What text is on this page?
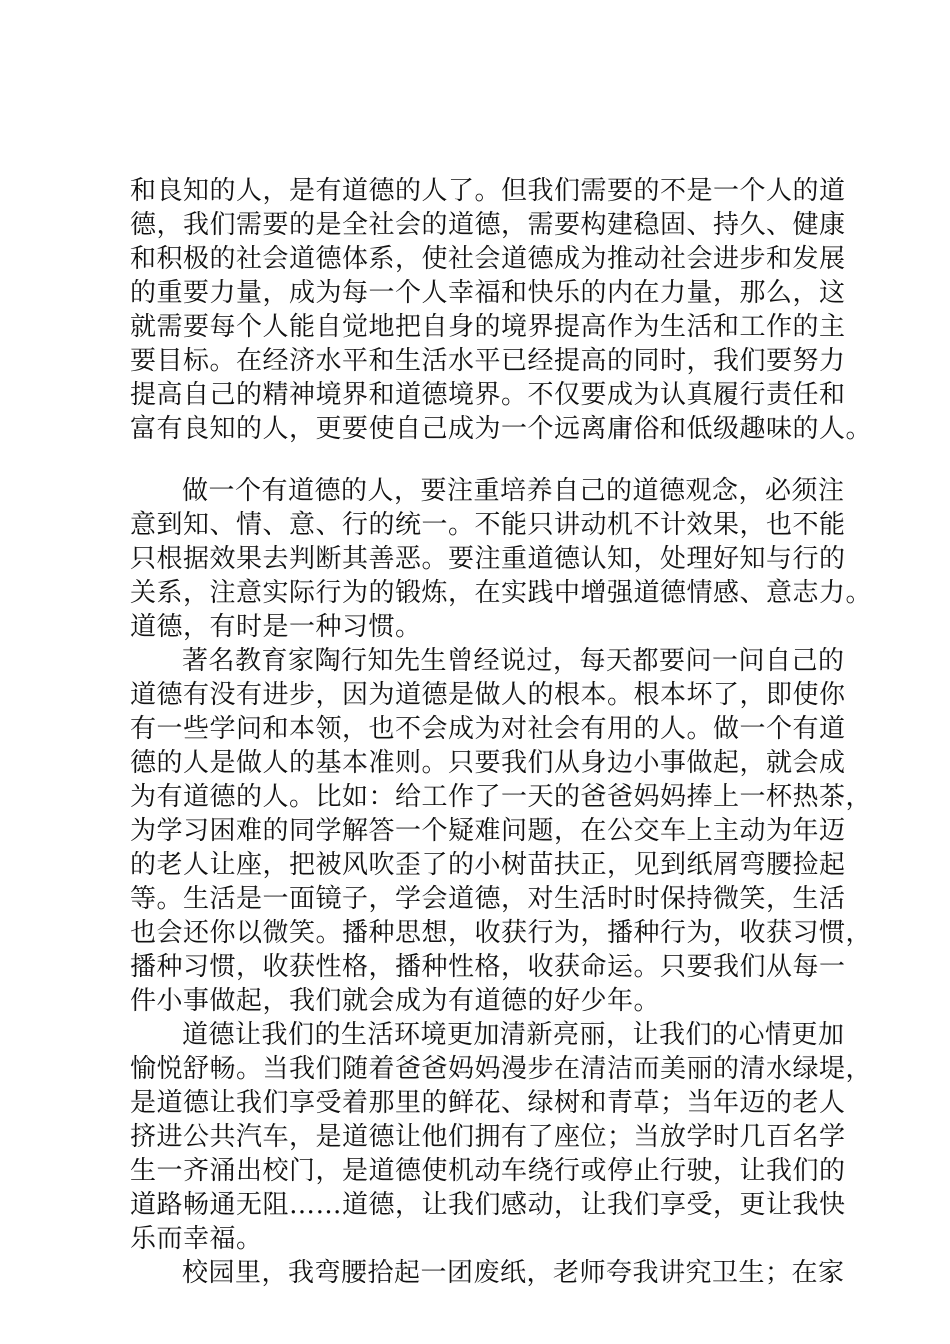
和良知的人，是有道德的人了。但我们需要的不是一个人的道
德，我们需要的是全社会的道德，需要构建稳固、持久、健康
和积极的社会道德体系，使社会道德成为推动社会进步和发展
的重要力量，成为每一个人幸福和快乐的内在力量，那么，这
就需要每个人能自觉地把自身的境界提高作为生活和工作的主
要目标。在经济水平和生活水平已经提高的同时，我们要努力
提高自己的精神境界和道德境界。不仅要成为认真履行责任和
富有良知的人，更要使自己成为一个远离庸俗和低级趣味的人。
做一个有道德的人，要注重培养自己的道德观念，必须注
意到知、情、意、行的统一。不能只讲动机不计效果，也不能
只根据效果去判断其善恶。要注重道德认知，处理好知与行的
关系，注意实际行为的锻炼，在实践中增强道德情感、意志力。
道德，有时是一种习惯。
著名教育家陶行知先生曾经说过，每天都要问一问自己的
道德有没有进步，因为道德是做人的根本。根本坏了，即使你
有一些学问和本领，也不会成为对社会有用的人。做一个有道
德的人是做人的基本准则。只要我们从身边小事做起，就会成
为有道德的人。比如：给工作了一天的爸爸妈妈捧上一杯热茶，
为学习困难的同学解答一个疑难问题，在公交车上主动为年迈
的老人让座，把被风吹歪了的小树苗扶正，见到纸屑弯腰捡起
等。生活是一面镜子，学会道德，对生活时时保持微笑，生活
也会还你以微笑。播种思想，收获行为，播种行为，收获习惯，
播种习惯，收获性格，播种性格，收获命运。只要我们从每一
件小事做起，我们就会成为有道德的好少年。
道德让我们的生活环境更加清新亮丽，让我们的心情更加
愉悦舒畅。当我们随着爸爸妈妈漫步在清洁而美丽的清水绿堤，
是道德让我们享受着那里的鲜花、绿树和青草；当年迈的老人
挤进公共汽车，是道德让他们拥有了座位；当放学时几百名学
生一齐涌出校门，是道德使机动车绕行或停止行驶，让我们的
道路畅通无阻……道德，让我们感动，让我们享受，更让我快
乐而幸福。
校园里，我弯腰拾起一团废纸，老师夸我讲究卫生；在家
